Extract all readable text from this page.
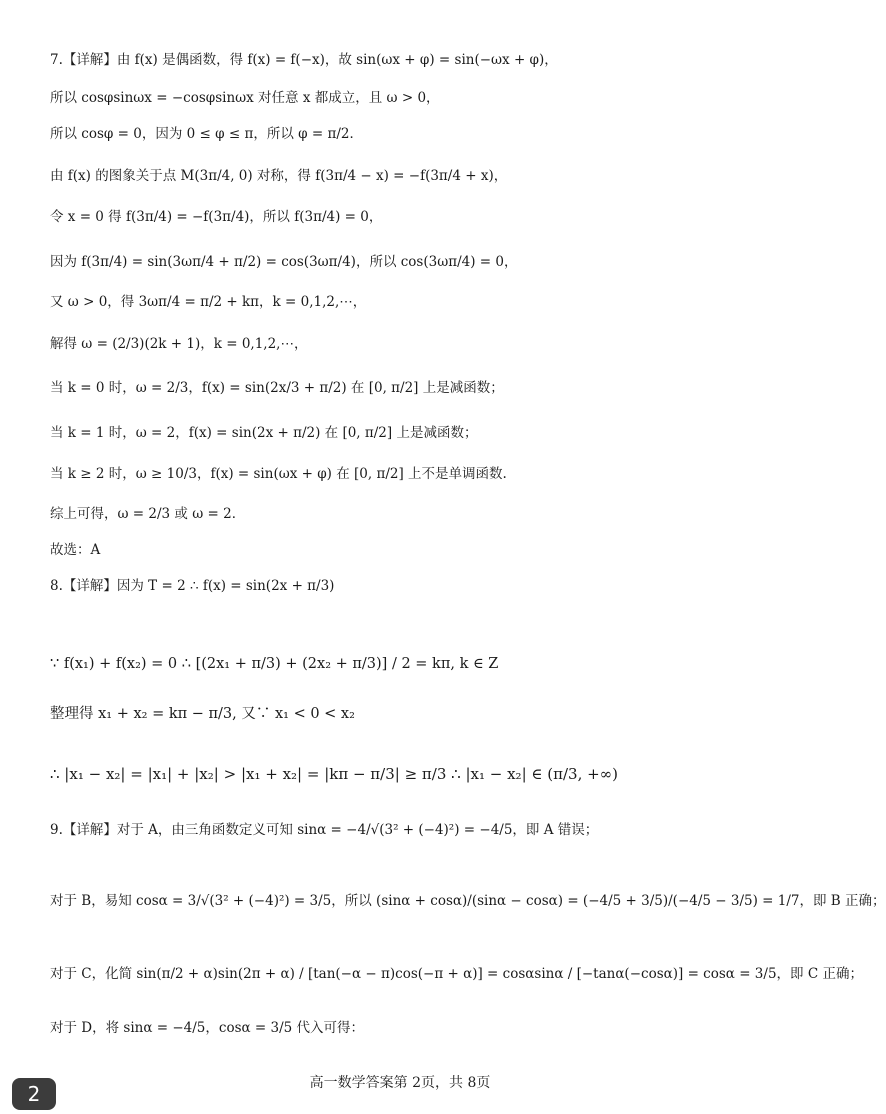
7.【详解】由 f(x) 是偶函数，得 f(x) = f(−x)，故 sin(ωx + φ) = sin(−ωx + φ)，
所以 cosφsinωx = −cosφsinωx 对任意 x 都成立，且 ω > 0，
所以 cosφ = 0，因为 0 ≤ φ ≤ π，所以 φ = π/2．
由 f(x) 的图象关于点 M(3π/4, 0) 对称，得 f(3π/4 − x) = −f(3π/4 + x)，
令 x = 0 得 f(3π/4) = −f(3π/4)，所以 f(3π/4) = 0，
因为 f(3π/4) = sin(3ωπ/4 + π/2) = cos(3ωπ/4)，所以 cos(3ωπ/4) = 0，
又 ω > 0，得 3ωπ/4 = π/2 + kπ，k = 0,1,2,⋯，
解得 ω = (2/3)(2k + 1)，k = 0,1,2,⋯，
当 k = 0 时，ω = 2/3，f(x) = sin(2x/3 + π/2) 在 [0, π/2] 上是减函数；
当 k = 1 时，ω = 2，f(x) = sin(2x + π/2) 在 [0, π/2] 上是减函数；
当 k ≥ 2 时，ω ≥ 10/3，f(x) = sin(ωx + φ) 在 [0, π/2] 上不是单调函数.
综上可得，ω = 2/3 或 ω = 2．
故选：A
8.【详解】因为 T = 2 ∴ f(x) = sin(2x + π/3)
∵ f(x₁) + f(x₂) = 0 ∴ [(2x₁ + π/3) + (2x₂ + π/3)] / 2 = kπ, k ∈ Z
整理得 x₁ + x₂ = kπ − π/3, 又∵ x₁ < 0 < x₂
∴ |x₁ − x₂| = |x₁| + |x₂| > |x₁ + x₂| = |kπ − π/3| ≥ π/3 ∴ |x₁ − x₂| ∈ (π/3, +∞)
9.【详解】对于 A，由三角函数定义可知 sinα = −4/√(3² + (−4)²) = −4/5，即 A 错误；
对于 B，易知 cosα = 3/√(3² + (−4)²) = 3/5，所以 (sinα + cosα)/(sinα − cosα) = (−4/5 + 3/5)/(−4/5 − 3/5) = 1/7，即 B 正确；
对于 C，化简 sin(π/2 + α)sin(2π + α) / [tan(−α − π)cos(−π + α)] = cosαsinα / [−tanα(−cosα)] = cosα = 3/5，即 C 正确；
对于 D，将 sinα = −4/5，cosα = 3/5 代入可得：
高一数学答案第 2页，共 8页
2
